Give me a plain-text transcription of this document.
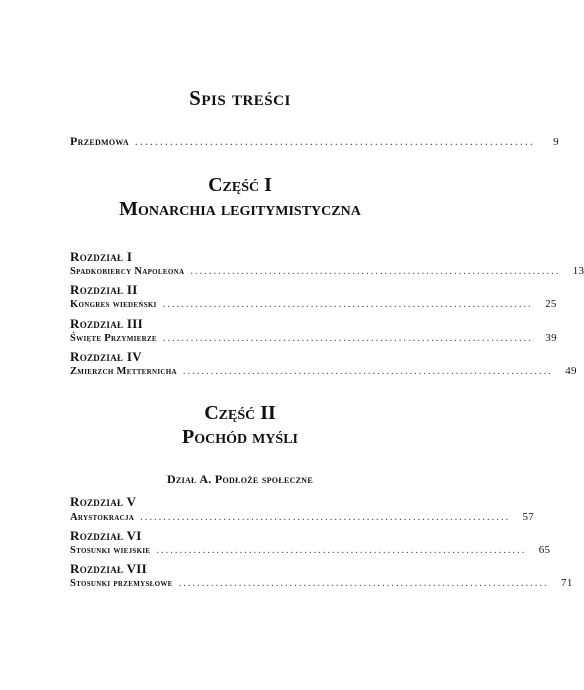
Spis treści
Przedmowa ................................................................................	9
Część I
Monarchia legitymistyczna
Rozdział I
Spadkobiercy Napoleona ................................................................................	13
Rozdział II
Kongres wiedeński ................................................................................	25
Rozdział III
Święte Przymierze ................................................................................	39
Rozdział IV
Zmierzch Metternicha ................................................................................	49
Część II
Pochód myśli
Dział A. Podłoże społeczne
Rozdział V
Arystokracja ................................................................................	57
Rozdział VI
Stosunki wiejskie ................................................................................	65
Rozdział VII
Stosunki przemysłowe ................................................................................	71
